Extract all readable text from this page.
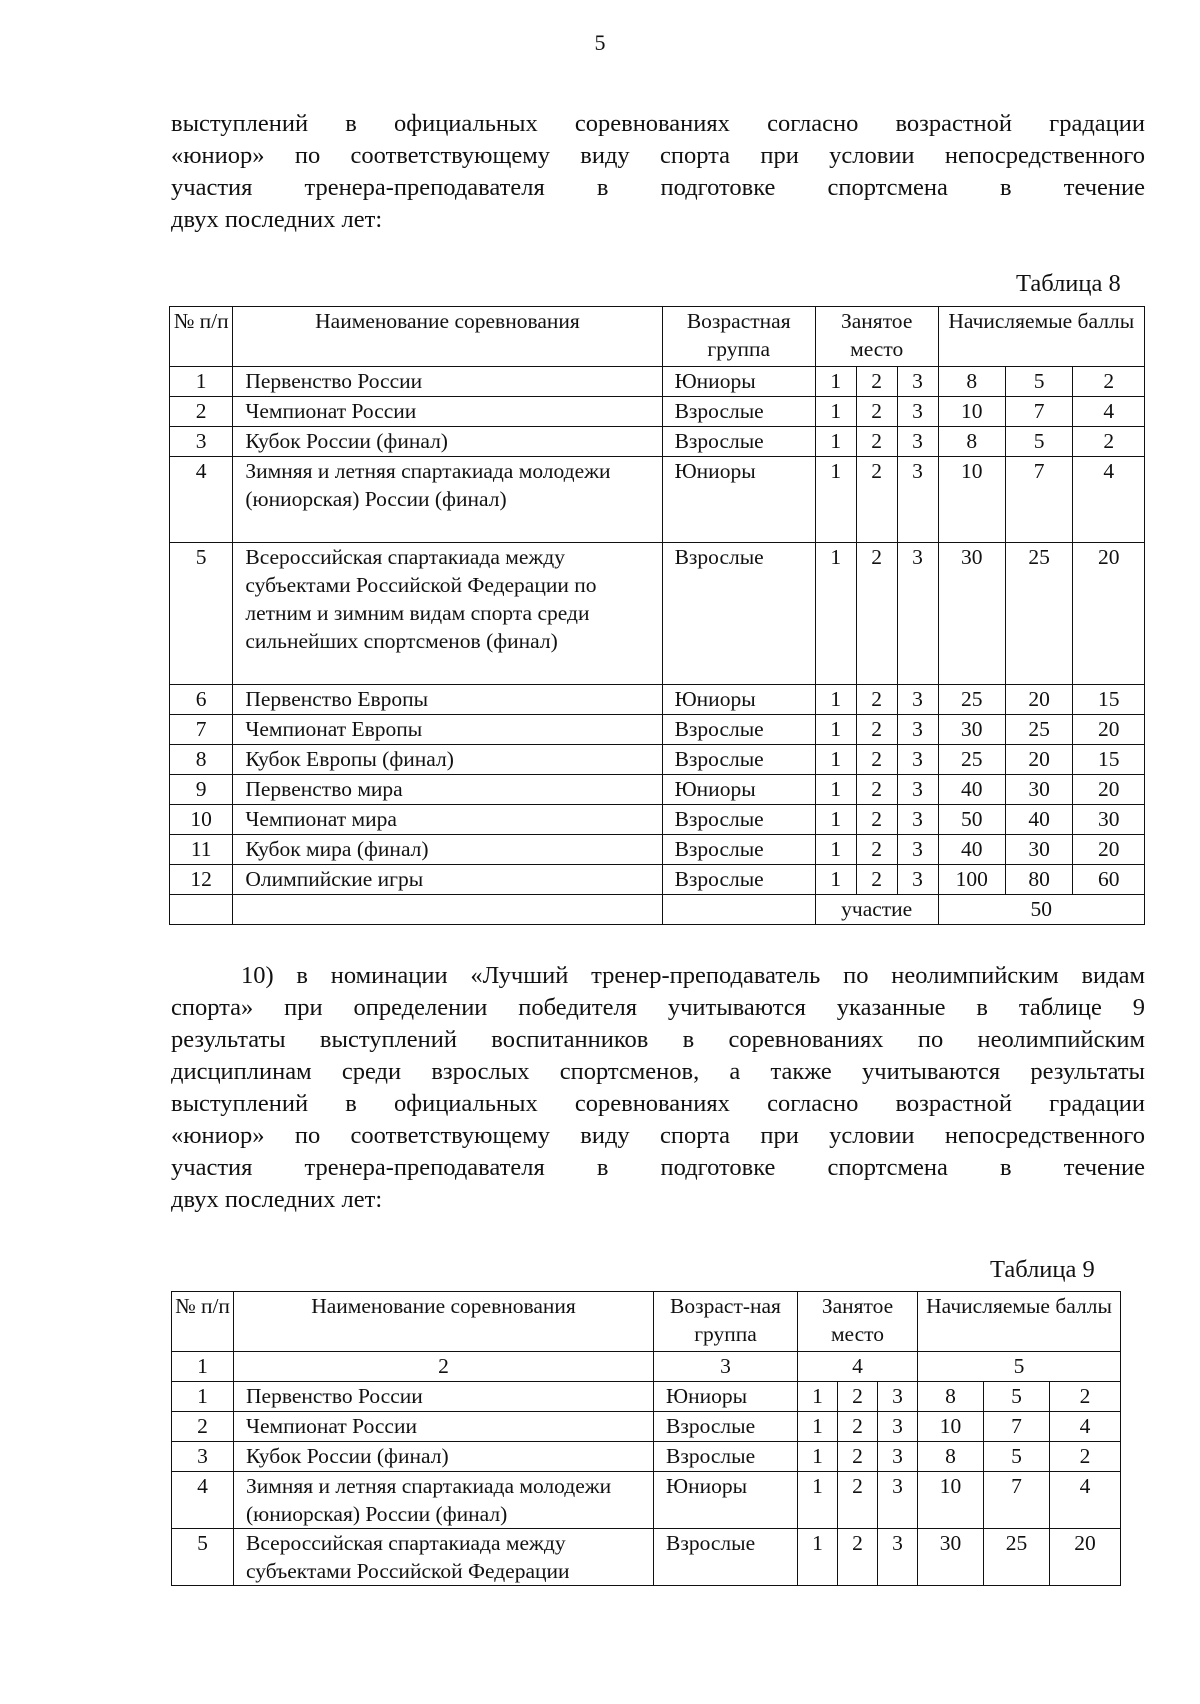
5

выступлений в официальных соревнованиях согласно возрастной градации
«юниор» по соответствующему виду спорта при условии непосредственного
участия тренера-преподавателя в подготовке спортсмена в течение
двух последних лет:

Таблица 8
№ п/п	Наименование соревнования	Возрастная группа	Занятое место			Начисляемые баллы		
1	Первенство России	Юниоры	1	2	3	8	5	2
2	Чемпионат России	Взрослые	1	2	3	10	7	4
3	Кубок России (финал)	Взрослые	1	2	3	8	5	2
4	Зимняя и летняя спартакиада молодежи (юниорская) России (финал)	Юниоры	1	2	3	10	7	4
5	Всероссийская спартакиада между субъектами Российской Федерации по летним и зимним видам спорта среди сильнейших спортсменов (финал)	Взрослые	1	2	3	30	25	20
6	Первенство Европы	Юниоры	1	2	3	25	20	15
7	Чемпионат Европы	Взрослые	1	2	3	30	25	20
8	Кубок Европы (финал)	Взрослые	1	2	3	25	20	15
9	Первенство мира	Юниоры	1	2	3	40	30	20
10	Чемпионат мира	Взрослые	1	2	3	50	40	30
11	Кубок мира (финал)	Взрослые	1	2	3	40	30	20
12	Олимпийские игры	Взрослые	1	2	3	100	80	60
			участие			50		

10) в номинации «Лучший тренер-преподаватель по неолимпийским видам
спорта» при определении победителя учитываются указанные в таблице 9
результаты выступлений воспитанников в соревнованиях по неолимпийским
дисциплинам среди взрослых спортсменов, а также учитываются результаты
выступлений в официальных соревнованиях согласно возрастной градации
«юниор» по соответствующему виду спорта при условии непосредственного
участия тренера-преподавателя в подготовке спортсмена в течение
двух последних лет:

Таблица 9
№ п/п	Наименование соревнования	Возраст-ная группа	Занятое место			Начисляемые баллы		
1	2	3	4			5		
1	Первенство России	Юниоры	1	2	3	8	5	2
2	Чемпионат России	Взрослые	1	2	3	10	7	4
3	Кубок России (финал)	Взрослые	1	2	3	8	5	2
4	Зимняя и летняя спартакиада молодежи (юниорская) России (финал)	Юниоры	1	2	3	10	7	4
5	Всероссийская спартакиада между субъектами Российской Федерации	Взрослые	1	2	3	30	25	20
